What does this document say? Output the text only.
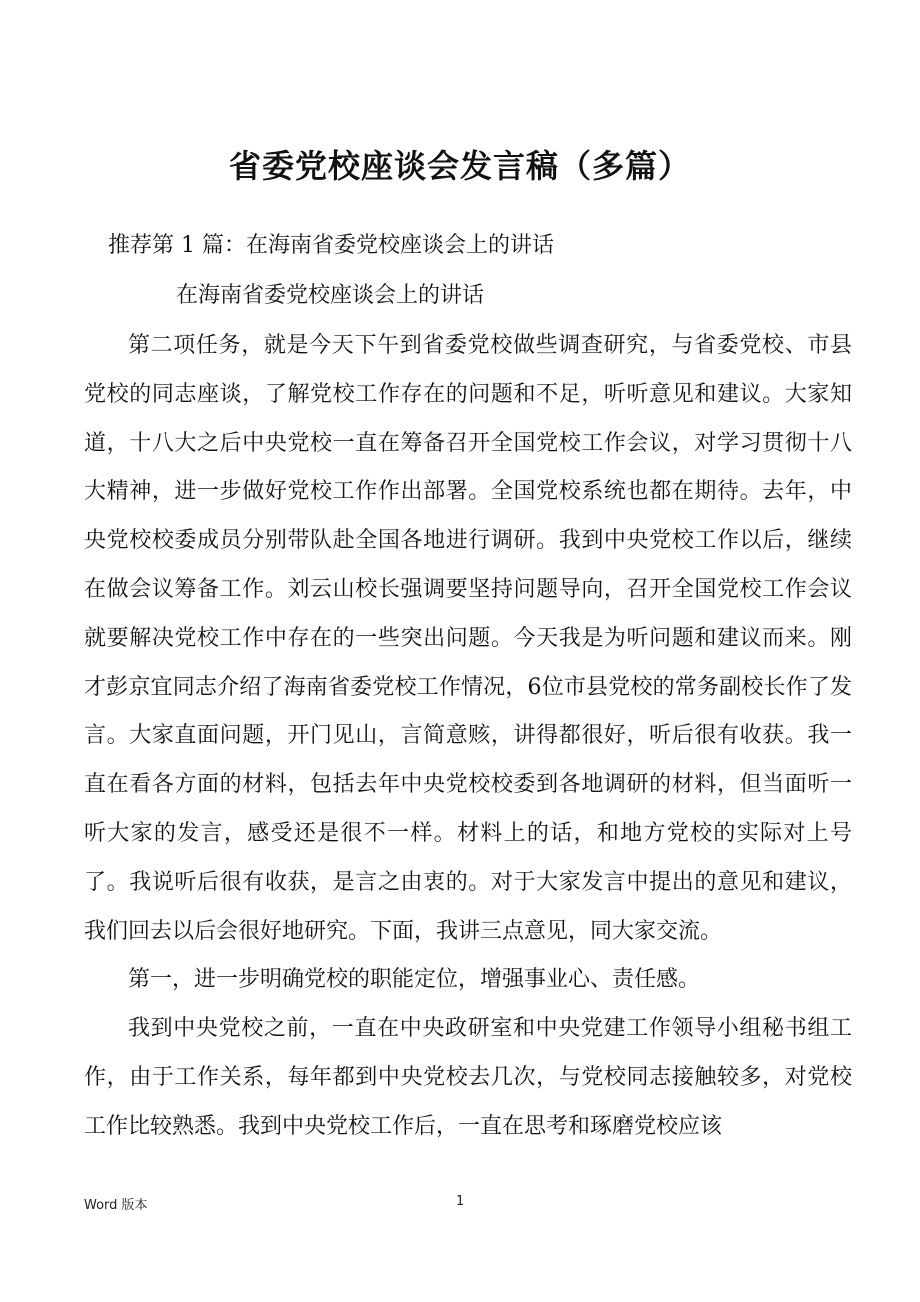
省委党校座谈会发言稿（多篇）
推荐第 1 篇：在海南省委党校座谈会上的讲话
在海南省委党校座谈会上的讲话

第二项任务，就是今天下午到省委党校做些调查研究，与省委党校、市县党校的同志座谈，了解党校工作存在的问题和不足，听听意见和建议。大家知道，十八大之后中央党校一直在筹备召开全国党校工作会议，对学习贯彻十八大精神，进一步做好党校工作作出部署。全国党校系统也都在期待。去年，中央党校校委成员分别带队赴全国各地进行调研。我到中央党校工作以后，继续在做会议筹备工作。刘云山校长强调要坚持问题导向，召开全国党校工作会议就要解决党校工作中存在的一些突出问题。今天我是为听问题和建议而来。刚才彭京宜同志介绍了海南省委党校工作情况，6位市县党校的常务副校长作了发言。大家直面问题，开门见山，言简意赅，讲得都很好，听后很有收获。我一直在看各方面的材料，包括去年中央党校校委到各地调研的材料，但当面听一听大家的发言，感受还是很不一样。材料上的话，和地方党校的实际对上号了。我说听后很有收获，是言之由衷的。对于大家发言中提出的意见和建议，我们回去以后会很好地研究。下面，我讲三点意见，同大家交流。

第一，进一步明确党校的职能定位，增强事业心、责任感。

我到中央党校之前，一直在中央政研室和中央党建工作领导小组秘书组工作，由于工作关系，每年都到中央党校去几次，与党校同志接触较多，对党校工作比较熟悉。我到中央党校工作后，一直在思考和琢磨党校应该

Word 版本	1
